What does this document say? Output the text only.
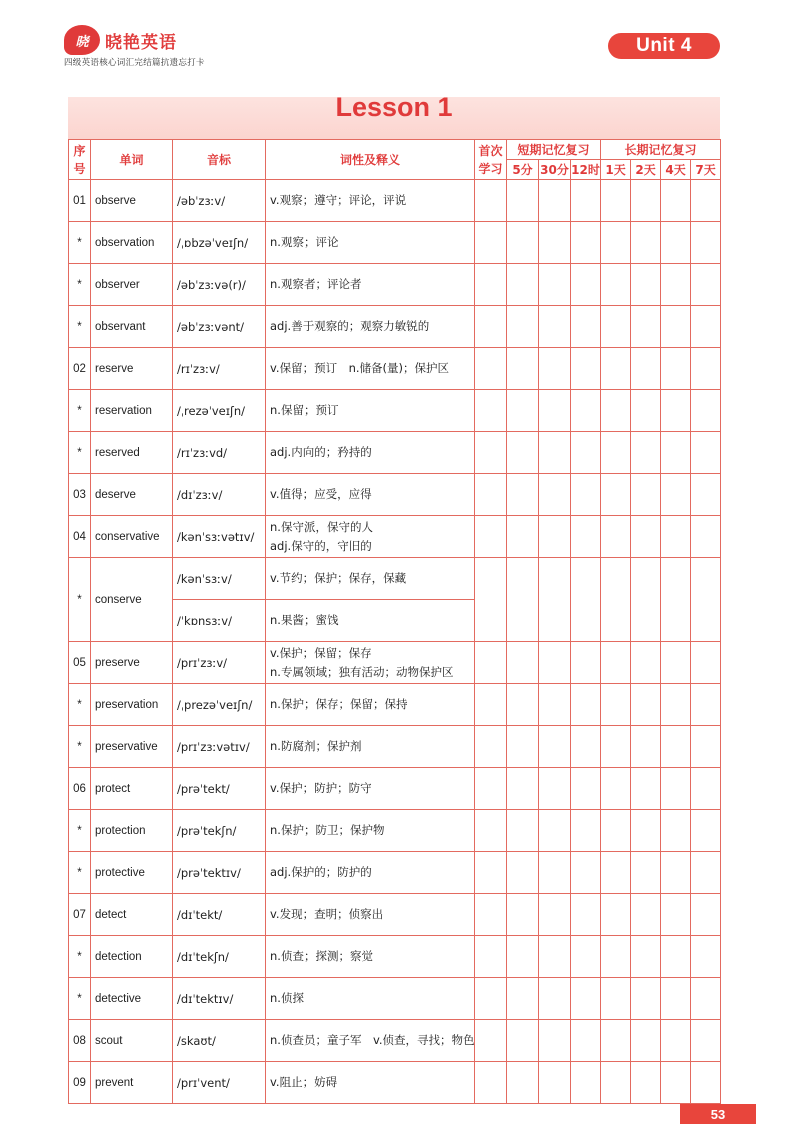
晓 晓艳英语
四级英语核心词汇完结篇抗遗忘打卡
Unit 4
Lesson 1
序
号	单词	音标	词性及释义	首次
学习	短期记忆复习			长期记忆复习			
					5分	30分	12时	1天	2天	4天	7天
01	observe	/əbˈzɜːv/	v.观察；遵守；评论，评说								

*	observation	/ˌɒbzəˈveɪʃn/	n.观察；评论								

*	observer	/əbˈzɜːvə(r)/	n.观察者；评论者								

*	observant	/əbˈzɜːvənt/	adj.善于观察的；观察力敏锐的								

02	reserve	/rɪˈzɜːv/	v.保留；预订　n.储备(量)；保护区								

*	reservation	/ˌrezəˈveɪʃn/	n.保留；预订								

*	reserved	/rɪˈzɜːvd/	adj.内向的；矜持的								

03	deserve	/dɪˈzɜːv/	v.值得；应受，应得								

04	conservative	/kənˈsɜːvətɪv/	n.保守派，保守的人
adj.保守的，守旧的								

*	conserve	/kənˈsɜːv/	v.节约；保护；保存，保藏								

		/ˈkɒnsɜːv/	n.果酱；蜜饯								

05	preserve	/prɪˈzɜːv/	v.保护；保留；保存
n.专属领域；独有活动；动物保护区								

*	preservation	/ˌprezəˈveɪʃn/	n.保护；保存；保留；保持								

*	preservative	/prɪˈzɜːvətɪv/	n.防腐剂；保护剂								

06	protect	/prəˈtekt/	v.保护；防护；防守								

*	protection	/prəˈtekʃn/	n.保护；防卫；保护物								

*	protective	/prəˈtektɪv/	adj.保护的；防护的								

07	detect	/dɪˈtekt/	v.发现；查明；侦察出								

*	detection	/dɪˈtekʃn/	n.侦查；探测；察觉								

*	detective	/dɪˈtektɪv/	n.侦探								

08	scout	/skaʊt/	n.侦查员；童子军　v.侦查，寻找；物色								

09	prevent	/prɪˈvent/	v.阻止；妨碍								

53
